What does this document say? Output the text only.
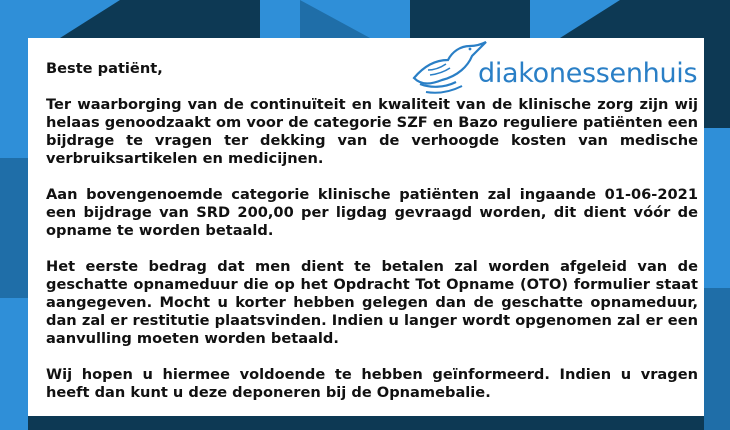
diakonessenhuis
Beste patiënt,

Ter waarborging van de continuïteit en kwaliteit van de klinische zorg zijn wij helaas genoodzaakt om voor de categorie SZF en Bazo reguliere patiënten een bijdrage te vragen ter dekking van de verhoogde kosten van medische verbruiksartikelen en medicijnen.

Aan bovengenoemde categorie klinische patiënten zal ingaande 01-06-2021 een bijdrage van SRD 200,00 per ligdag gevraagd worden, dit dient vóór de opname te worden betaald.

Het eerste bedrag dat men dient te betalen zal worden afgeleid van de geschatte opnameduur die op het Opdracht Tot Opname (OTO) formulier staat aangegeven. Mocht u korter hebben gelegen dan de geschatte opnameduur, dan zal er restitutie plaatsvinden. Indien u langer wordt opgenomen zal er een aanvulling moeten worden betaald.

Wij hopen u hiermee voldoende te hebben geïnformeerd. Indien u vragen heeft dan kunt u deze deponeren bij de Opnamebalie.
